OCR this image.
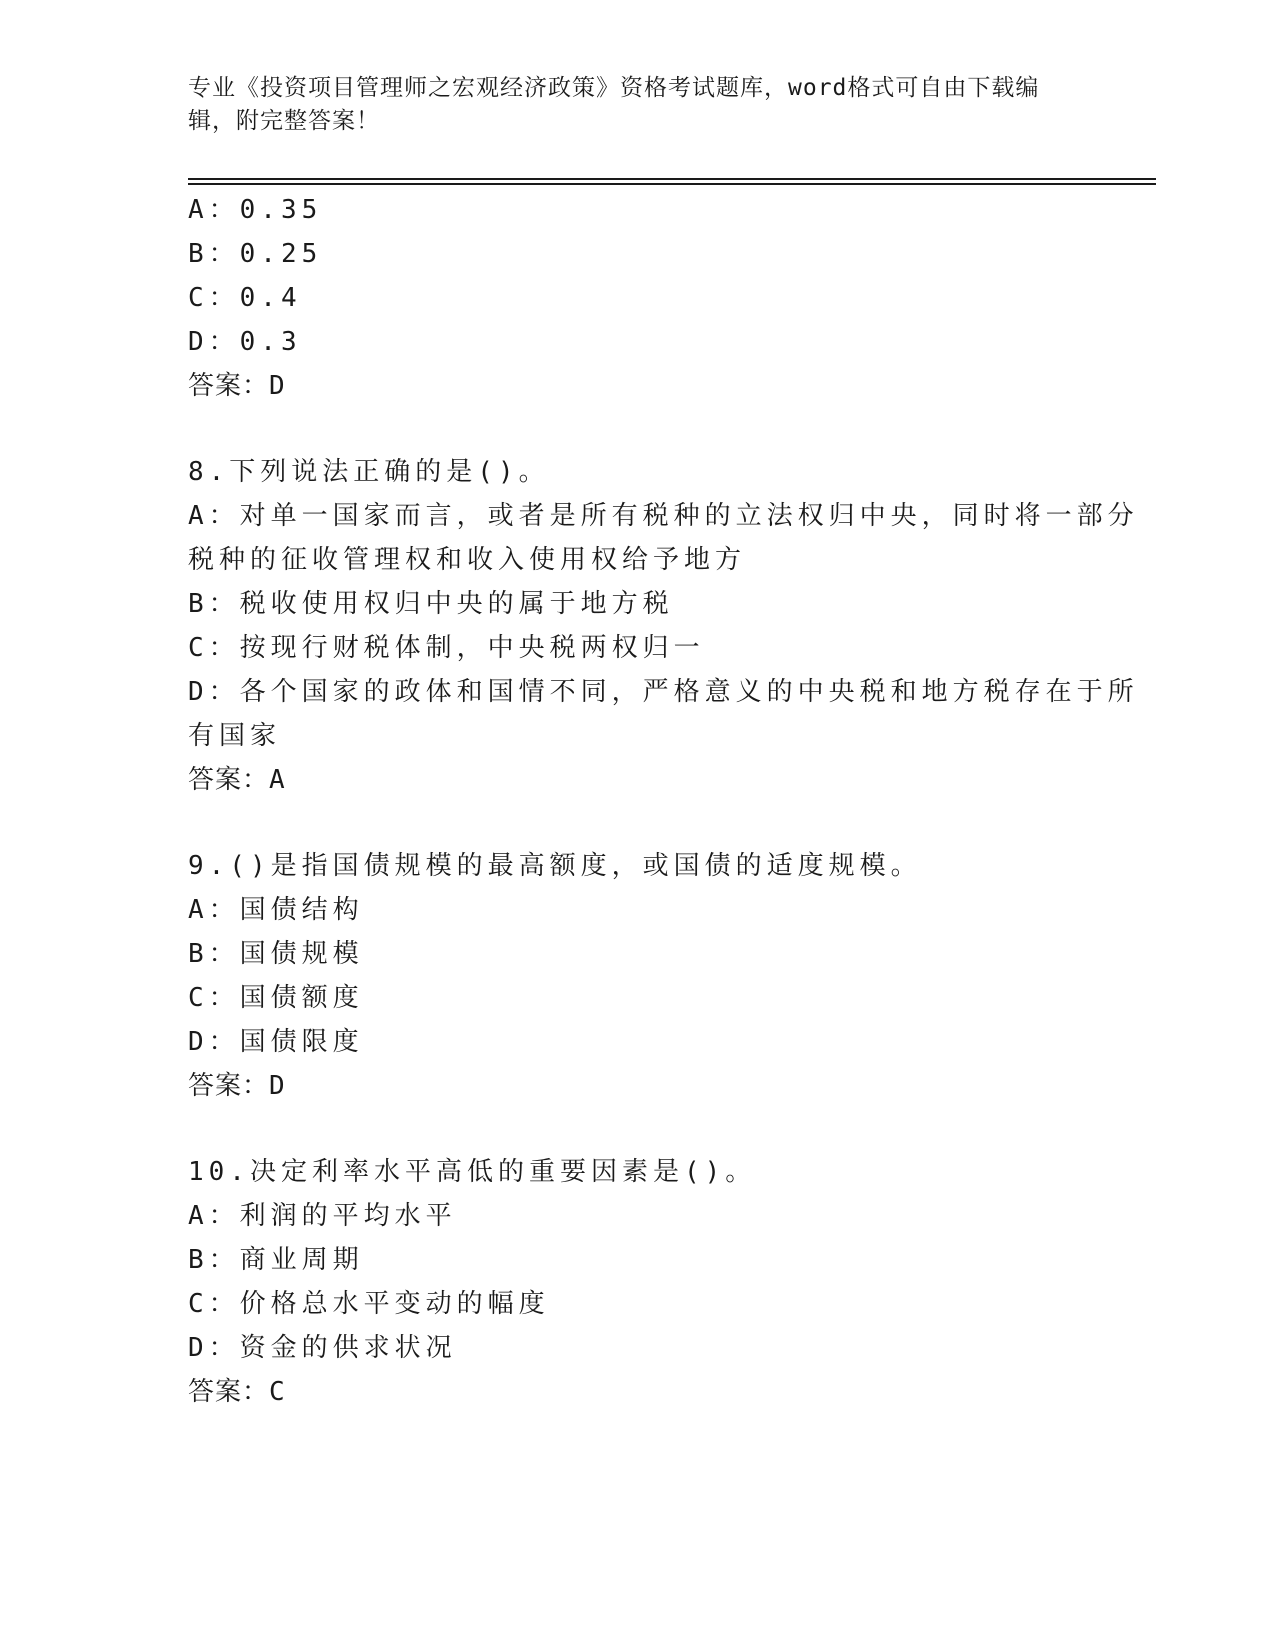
专业《投资项目管理师之宏观经济政策》资格考试题库，word格式可自由下载编
辑，附完整答案！
A：0.35
B：0.25
C：0.4
D：0.3
答案：D
8.下列说法正确的是()。
A：对单一国家而言，或者是所有税种的立法权归中央，同时将一部分
税种的征收管理权和收入使用权给予地方
B：税收使用权归中央的属于地方税
C：按现行财税体制，中央税两权归一
D：各个国家的政体和国情不同，严格意义的中央税和地方税存在于所
有国家
答案：A
9.()是指国债规模的最高额度，或国债的适度规模。
A：国债结构
B：国债规模
C：国债额度
D：国债限度
答案：D
10.决定利率水平高低的重要因素是()。
A：利润的平均水平
B：商业周期
C：价格总水平变动的幅度
D：资金的供求状况
答案：C
